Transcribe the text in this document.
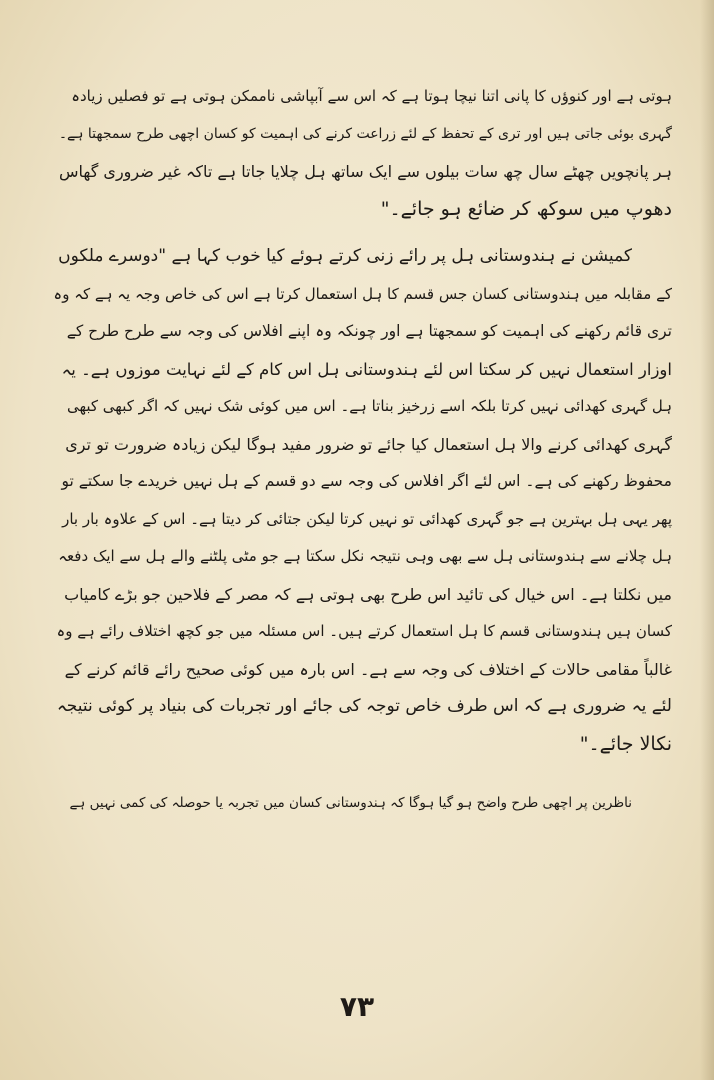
ہوتی ہے اور کنوؤں کا پانی اتنا نیچا ہوتا ہے کہ اس سے آبپاشی ناممکن ہوتی ہے تو فصلیں زیادہ
گہری بوئی جاتی ہیں اور تری کے تحفظ کے لئے زراعت کرنے کی اہمیت کو کسان اچھی طرح سمجھتا ہے۔
ہر پانچویں چھٹے سال چھ سات بیلوں سے ایک ساتھ ہل چلایا جاتا ہے تاکہ غیر ضروری گھاس
دھوپ میں سوکھ کر ضائع ہو جائے۔"
کمیشن نے ہندوستانی ہل پر رائے زنی کرتے ہوئے کیا خوب کہا ہے "دوسرے ملکوں
کے مقابلہ میں ہندوستانی کسان جس قسم کا ہل استعمال کرتا ہے اس کی خاص وجہ یہ ہے کہ وہ
تری قائم رکھنے کی اہمیت کو سمجھتا ہے اور چونکہ وہ اپنے افلاس کی وجہ سے طرح طرح کے
اوزار استعمال نہیں کر سکتا اس لئے ہندوستانی ہل اس کام کے لئے نہایت موزوں ہے۔ یہ
ہل گہری کھدائی نہیں کرتا بلکہ اسے زرخیز بناتا ہے۔ اس میں کوئی شک نہیں کہ اگر کبھی کبھی
گہری کھدائی کرنے والا ہل استعمال کیا جائے تو ضرور مفید ہوگا لیکن زیادہ ضرورت تو تری
محفوظ رکھنے کی ہے۔ اس لئے اگر افلاس کی وجہ سے دو قسم کے ہل نہیں خریدے جا سکتے تو
پھر یہی ہل بہترین ہے جو گہری کھدائی تو نہیں کرتا لیکن جتائی کر دیتا ہے۔ اس کے علاوہ بار بار
ہل چلانے سے ہندوستانی ہل سے بھی وہی نتیجہ نکل سکتا ہے جو مٹی پلٹنے والے ہل سے ایک دفعہ
میں نکلتا ہے۔ اس خیال کی تائید اس طرح بھی ہوتی ہے کہ مصر کے فلاحین جو بڑے کامیاب
کسان ہیں ہندوستانی قسم کا ہل استعمال کرتے ہیں۔ اس مسئلہ میں جو کچھ اختلاف رائے ہے وہ
غالباً مقامی حالات کے اختلاف کی وجہ سے ہے۔ اس بارہ میں کوئی صحیح رائے قائم کرنے کے
لئے یہ ضروری ہے کہ اس طرف خاص توجہ کی جائے اور تجربات کی بنیاد پر کوئی نتیجہ
نکالا جائے۔"
ناظرین پر اچھی طرح واضح ہو گیا ہوگا کہ ہندوستانی کسان میں تجربہ یا حوصلہ کی کمی نہیں ہے
۷۳
